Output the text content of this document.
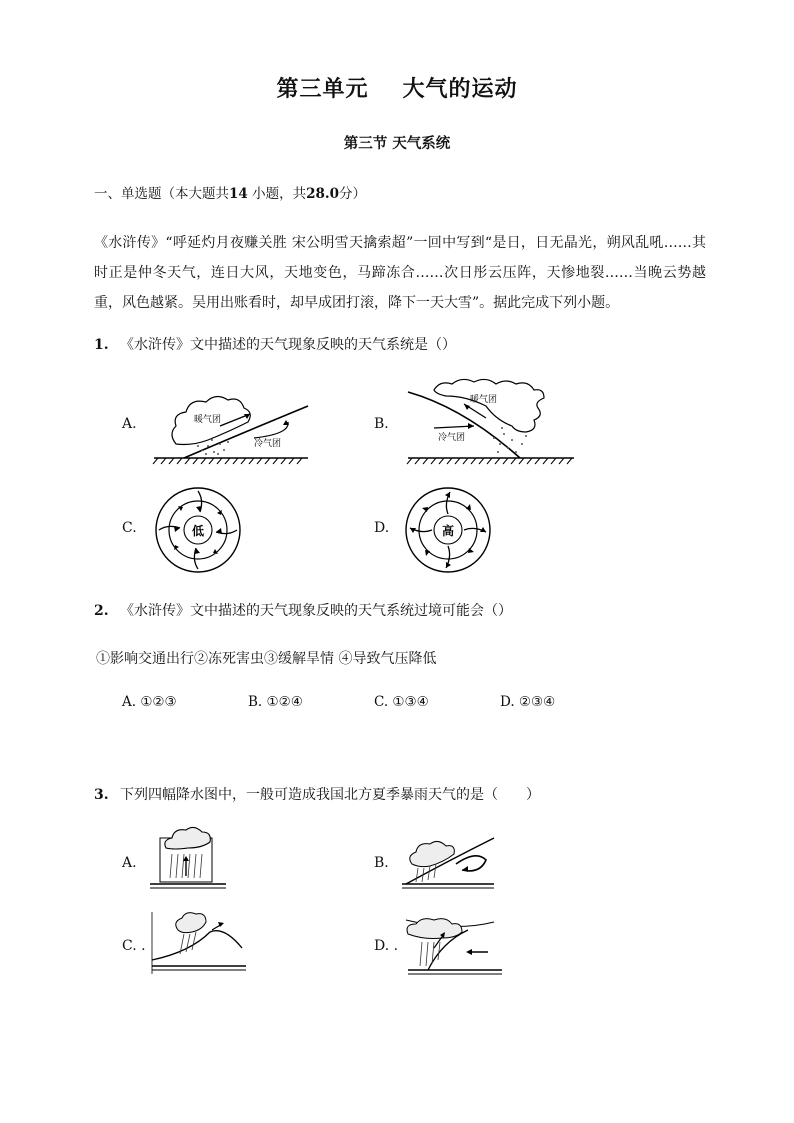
第三单元 大气的运动
第三节 天气系统
一、单选题（本大题共14 小题，共28.0分）
《水浒传》“呼延灼月夜赚关胜 宋公明雪天擒索超”一回中写到“是日，日无晶光，朔风乱吼……其时正是仲冬天气，连日大风，天地变色，马蹄冻合……次日彤云压阵，天惨地裂……当晚云势越重，风色越紧。吴用出账看时，却早成团打滚，降下一天大雪”。据此完成下列小题。
1. 《水浒传》文中描述的天气现象反映的天气系统是（）
A.	B.
C.	D.
暖气团
冷气团
暖气团
冷气团
低	高
2. 《水浒传》文中描述的天气现象反映的天气系统过境可能会（）
①影响交通出行②冻死害虫③缓解旱情 ④导致气压降低
A. ①②③	B. ①②④	C. ①③④	D. ②③④
3. 下列四幅降水图中，一般可造成我国北方夏季暴雨天气的是（　　）
A.	B.
C. .	D. .
